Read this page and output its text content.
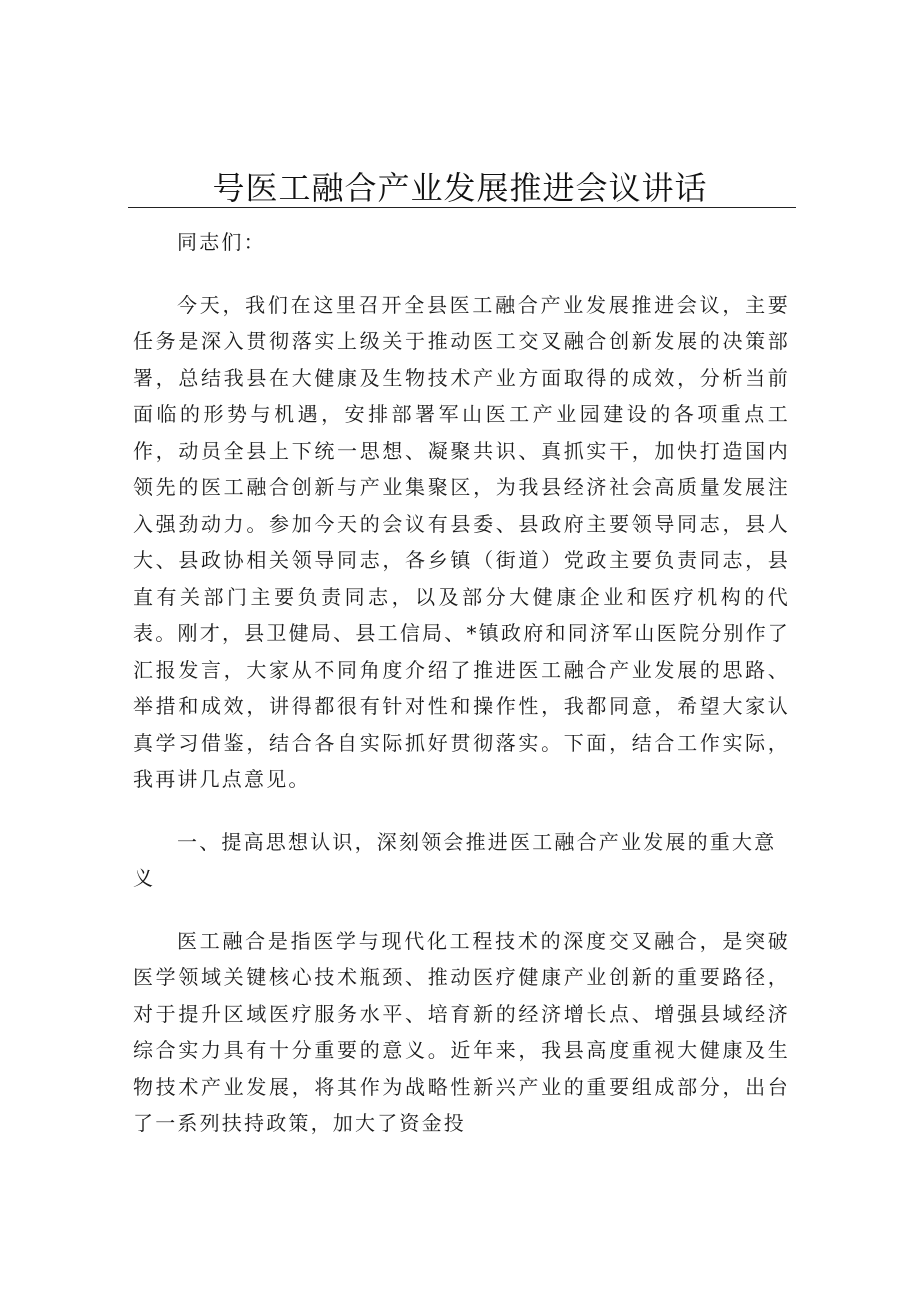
号医工融合产业发展推进会议讲话

同志们：

今天，我们在这里召开全县医工融合产业发展推进会议，主要任务是深入贯彻落实上级关于推动医工交叉融合创新发展的决策部署，总结我县在大健康及生物技术产业方面取得的成效，分析当前面临的形势与机遇，安排部署军山医工产业园建设的各项重点工作，动员全县上下统一思想、凝聚共识、真抓实干，加快打造国内领先的医工融合创新与产业集聚区，为我县经济社会高质量发展注入强劲动力。参加今天的会议有县委、县政府主要领导同志，县人大、县政协相关领导同志，各乡镇（街道）党政主要负责同志，县直有关部门主要负责同志，以及部分大健康企业和医疗机构的代表。刚才，县卫健局、县工信局、*镇政府和同济军山医院分别作了汇报发言，大家从不同角度介绍了推进医工融合产业发展的思路、举措和成效，讲得都很有针对性和操作性，我都同意，希望大家认真学习借鉴，结合各自实际抓好贯彻落实。下面，结合工作实际，我再讲几点意见。

一、提高思想认识，深刻领会推进医工融合产业发展的重大意义

医工融合是指医学与现代化工程技术的深度交叉融合，是突破医学领域关键核心技术瓶颈、推动医疗健康产业创新的重要路径，对于提升区域医疗服务水平、培育新的经济增长点、增强县域经济综合实力具有十分重要的意义。近年来，我县高度重视大健康及生物技术产业发展，将其作为战略性新兴产业的重要组成部分，出台了一系列扶持政策，加大了资金投
